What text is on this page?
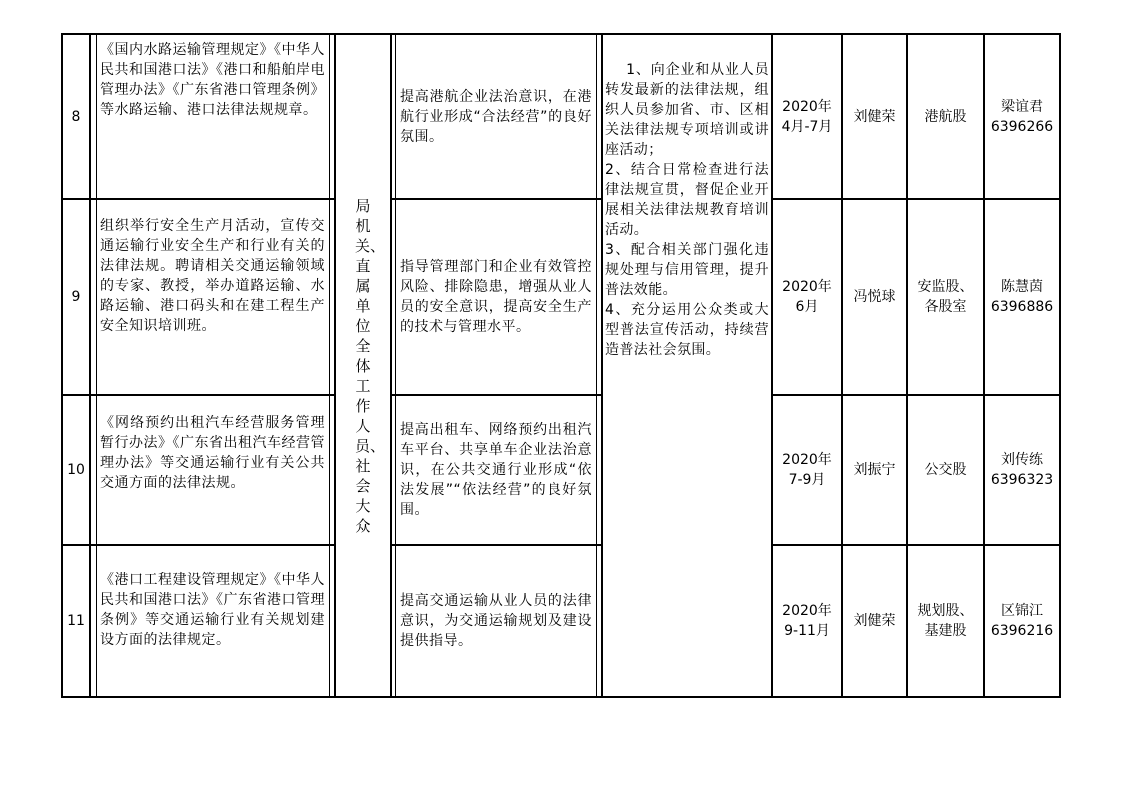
8
《国内水路运输管理规定》《中华人民共和国港口法》《港口和船舶岸电管理办法》《广东省港口管理条例》等水路运输、港口法律法规规章。
提高港航企业法治意识，在港航行业形成“合法经营”的良好氛围。
2020年4月-7月
刘健荣	港航股
梁谊君
6396266
9
组织举行安全生产月活动，宣传交通运输行业安全生产和行业有关的法律法规。聘请相关交通运输领域的专家、教授，举办道路运输、水路运输、港口码头和在建工程生产安全知识培训班。
指导管理部门和企业有效管控风险、排除隐患，增强从业人员的安全意识，提高安全生产的技术与管理水平。
2020年6月
冯悦球
安监股、各股室
陈慧茵
6396886
10
《网络预约出租汽车经营服务管理暂行办法》《广东省出租汽车经营管理办法》等交通运输行业有关公共交通方面的法律法规。
提高出租车、网络预约出租汽车平台、共享单车企业法治意识，在公共交通行业形成“依法发展”“依法经营”的良好氛围。
2020年7-9月
刘振宁	公交股
刘传练
6396323
11
《港口工程建设管理规定》《中华人民共和国港口法》《广东省港口管理条例》等交通运输行业有关规划建设方面的法律规定。
提高交通运输从业人员的法律意识，为交通运输规划及建设提供指导。
2020年9-11月
刘健荣
规划股、基建股
区锦江
6396216
局机关、直属单位全体工作人员、社会大众

1、向企业和从业人员转发最新的法律法规，组织人员参加省、市、区相关法律法规专项培训或讲座活动；
2、结合日常检查进行法律法规宣贯，督促企业开展相关法律法规教育培训活动。
3、配合相关部门强化违规处理与信用管理，提升普法效能。
4、充分运用公众类或大型普法宣传活动，持续营造普法社会氛围。
